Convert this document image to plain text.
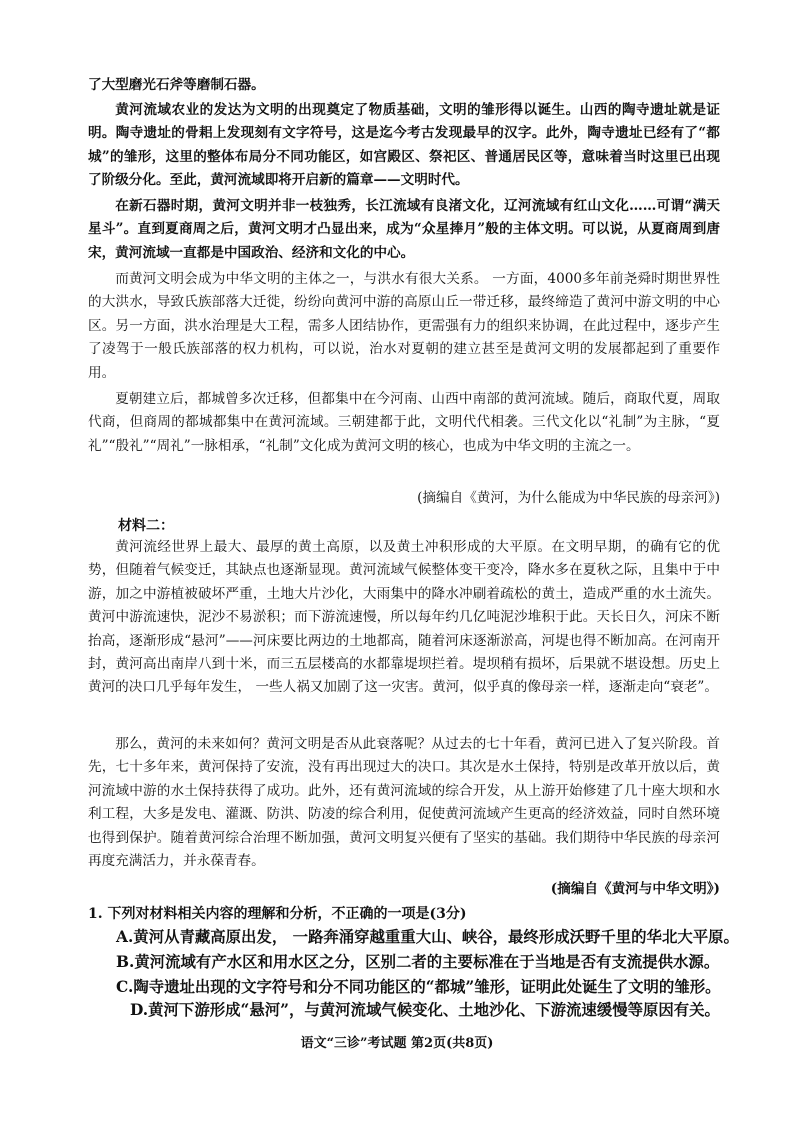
了大型磨光石斧等磨制石器。

黄河流域农业的发达为文明的出现奠定了物质基础，文明的雏形得以诞生。山西的陶寺遗址就是证明。陶寺遗址的骨耜上发现刻有文字符号，这是迄今考古发现最早的汉字。此外，陶寺遗址已经有了“都城”的雏形，这里的整体布局分不同功能区，如宫殿区、祭祀区、普通居民区等，意味着当时这里已出现了阶级分化。至此，黄河流域即将开启新的篇章——文明时代。

在新石器时期，黄河文明并非一枝独秀，长江流域有良渚文化，辽河流域有红山文化……可谓“满天星斗”。直到夏商周之后，黄河文明才凸显出来，成为“众星捧月”般的主体文明。可以说，从夏商周到唐宋，黄河流域一直都是中国政治、经济和文化的中心。

而黄河文明会成为中华文明的主体之一，与洪水有很大关系。 一方面，4000多年前尧舜时期世界性的大洪水，导致氏族部落大迁徙，纷纷向黄河中游的高原山丘一带迁移，最终缔造了黄河中游文明的中心区。另一方面，洪水治理是大工程，需多人团结协作，更需强有力的组织来协调，在此过程中，逐步产生了凌驾于一般氏族部落的权力机构，可以说，治水对夏朝的建立甚至是黄河文明的发展都起到了重要作用。

夏朝建立后，都城曾多次迁移，但都集中在今河南、山西中南部的黄河流域。随后，商取代夏，周取代商，但商周的都城都集中在黄河流域。三朝建都于此，文明代代相袭。三代文化以“礼制”为主脉，“夏礼”“殷礼”“周礼”一脉相承，“礼制”文化成为黄河文明的核心，也成为中华文明的主流之一。

(摘编自《黄河，为什么能成为中华民族的母亲河》)

材料二：

黄河流经世界上最大、最厚的黄土高原，以及黄土冲积形成的大平原。在文明早期，的确有它的优势，但随着气候变迁，其缺点也逐渐显现。黄河流域气候整体变干变冷，降水多在夏秋之际，且集中于中游，加之中游植被破坏严重，土地大片沙化，大雨集中的降水冲刷着疏松的黄土，造成严重的水土流失。黄河中游流速快，泥沙不易淤积；而下游流速慢，所以每年约几亿吨泥沙堆积于此。天长日久，河床不断抬高，逐渐形成“悬河”——河床要比两边的土地都高，随着河床逐渐淤高，河堤也得不断加高。在河南开封，黄河高出南岸八到十米，而三五层楼高的水都靠堤坝拦着。堤坝稍有损坏，后果就不堪设想。历史上黄河的决口几乎每年发生， 一些人祸又加剧了这一灾害。黄河，似乎真的像母亲一样，逐渐走向“衰老”。

那么，黄河的未来如何？黄河文明是否从此衰落呢？从过去的七十年看，黄河已进入了复兴阶段。首先，七十多年来，黄河保持了安流，没有再出现过大的决口。其次是水土保持，特别是改革开放以后，黄河流域中游的水土保持获得了成功。此外，还有黄河流域的综合开发，从上游开始修建了几十座大坝和水利工程，大多是发电、灌溉、防洪、防凌的综合利用，促使黄河流域产生更高的经济效益，同时自然环境也得到保护。随着黄河综合治理不断加强，黄河文明复兴便有了坚实的基础。我们期待中华民族的母亲河再度充满活力，并永葆青春。

(摘编自《黄河与中华文明》)

1. 下列对材料相关内容的理解和分析，不正确的一项是(3分)

A.黄河从青藏高原出发， 一路奔涌穿越重重大山、峡谷，最终形成沃野千里的华北大平原。

B.黄河流域有产水区和用水区之分，区别二者的主要标准在于当地是否有支流提供水源。

C.陶寺遗址出现的文字符号和分不同功能区的“都城”雏形，证明此处诞生了文明的雏形。

D.黄河下游形成“悬河”，与黄河流域气候变化、土地沙化、下游流速缓慢等原因有关。

语文“三诊”考试题 第2页(共8页)
